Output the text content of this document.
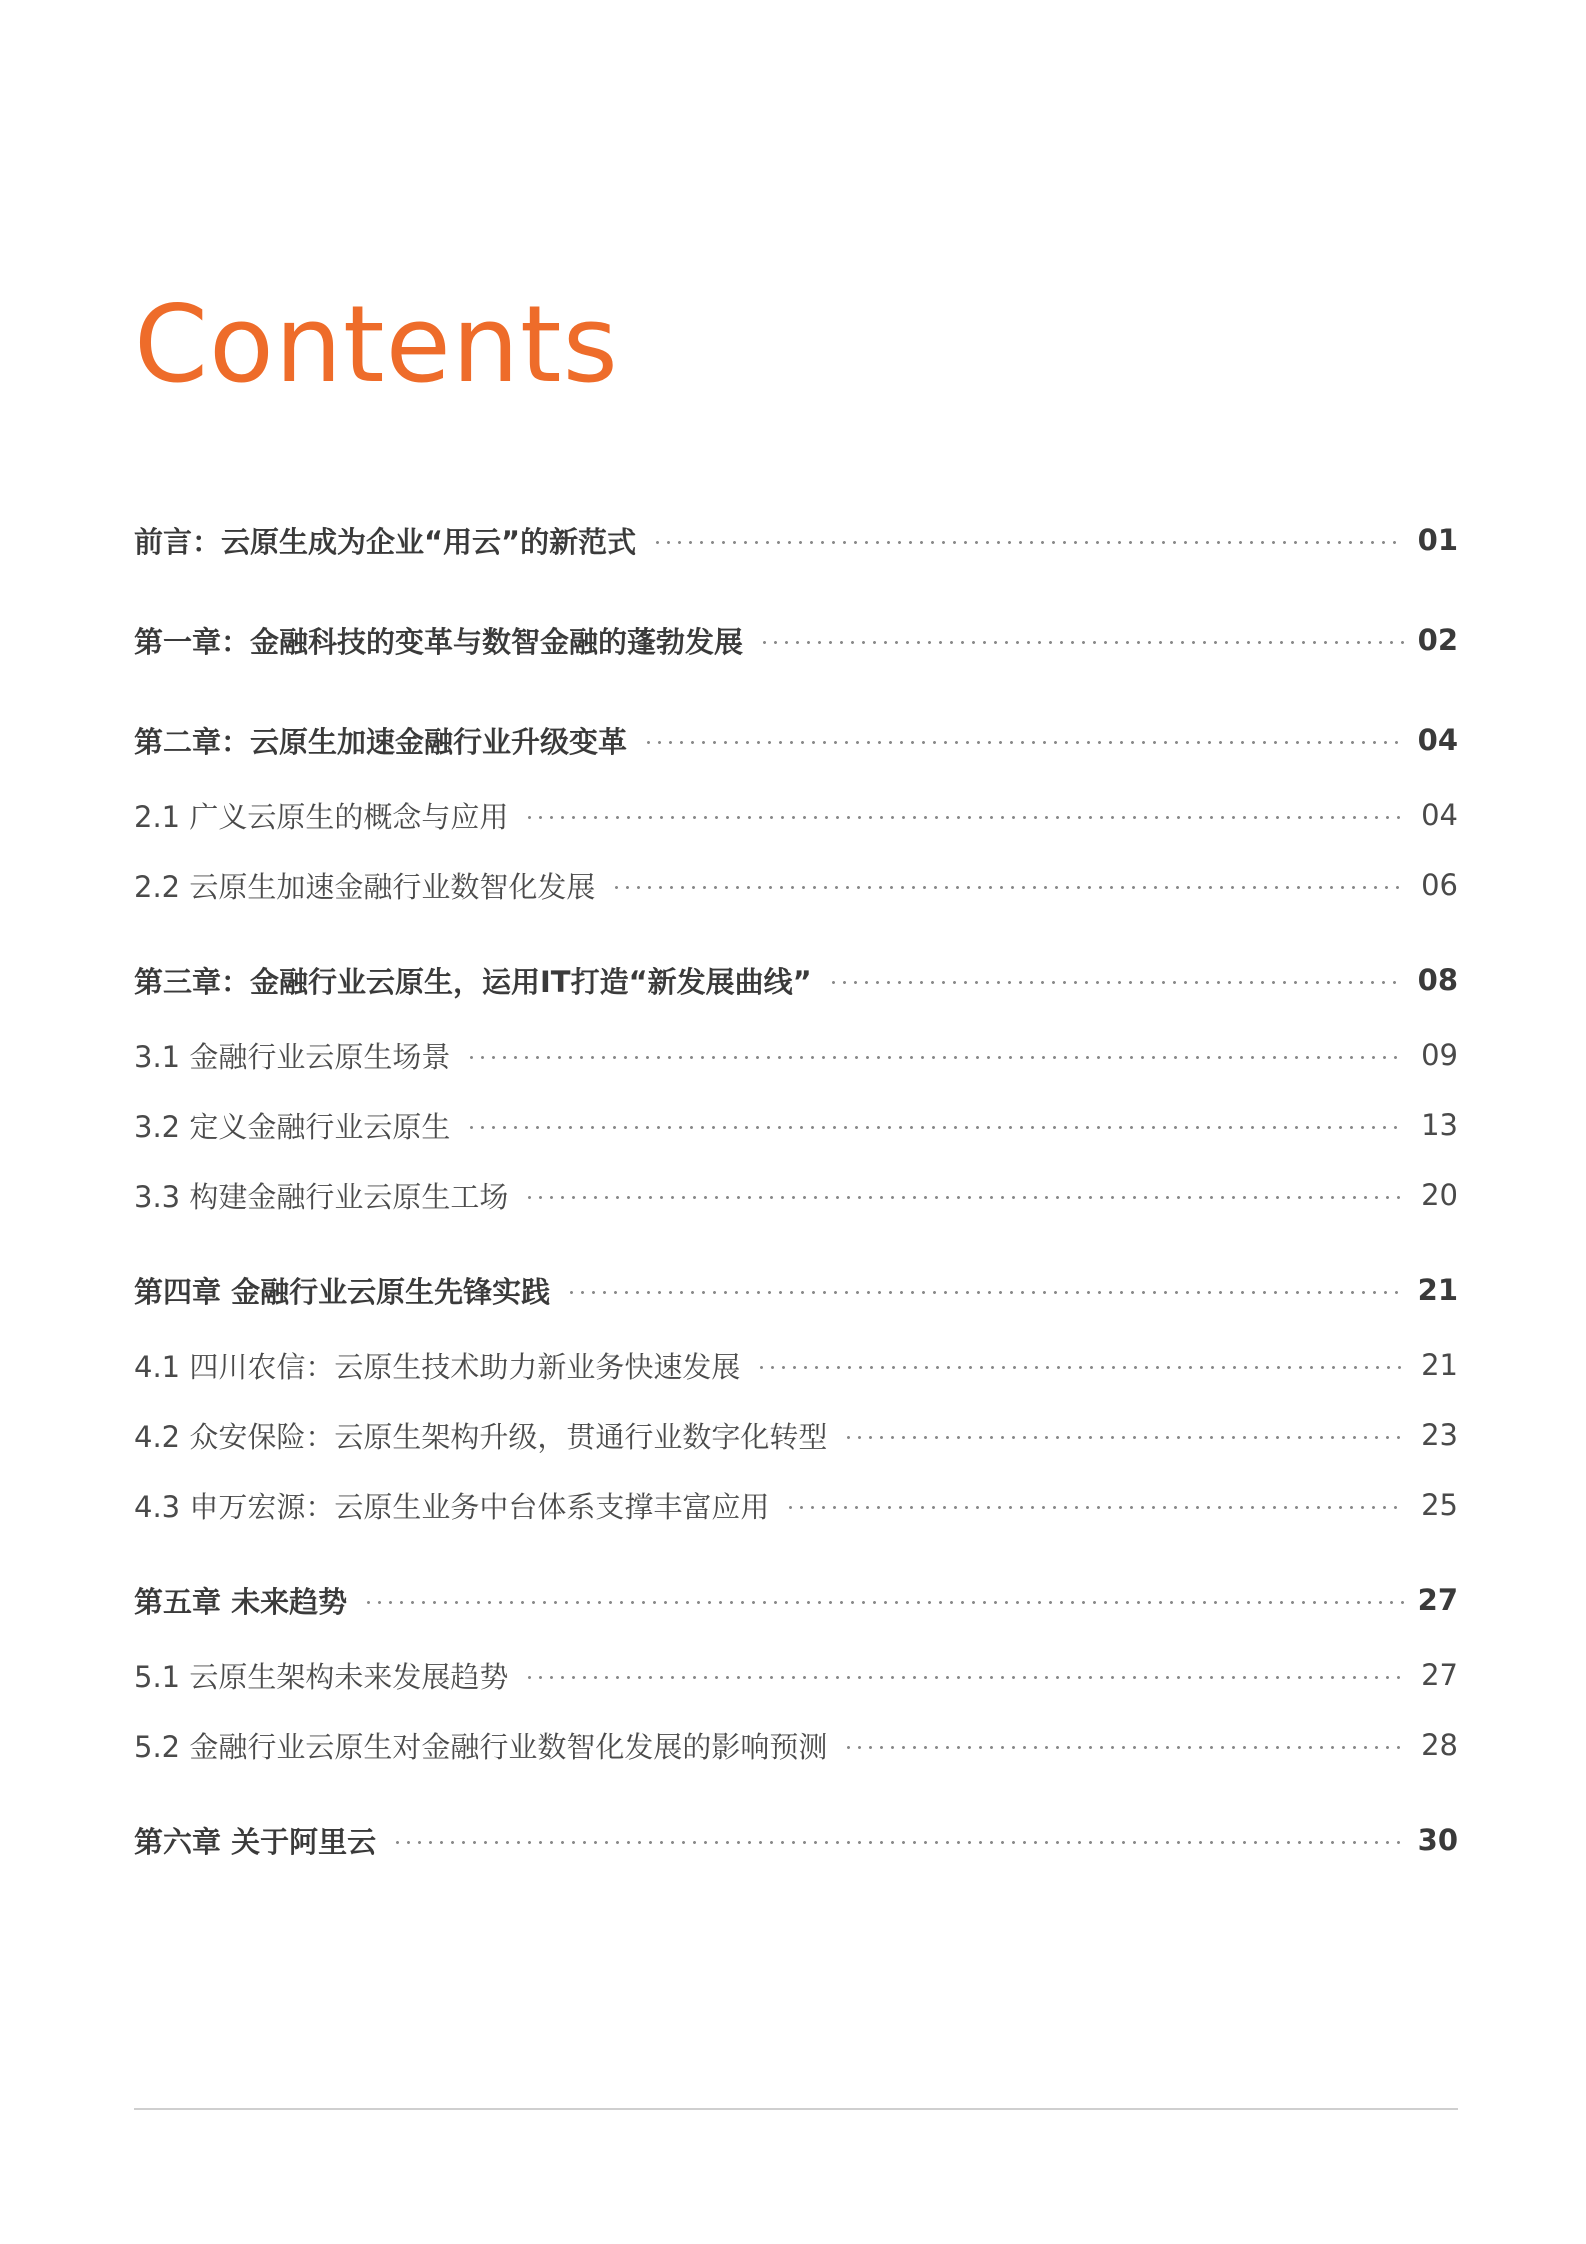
Contents
前言：云原生成为企业“用云”的新范式	01
第一章：金融科技的变革与数智金融的蓬勃发展	02
第二章：云原生加速金融行业升级变革	04
2.1 广义云原生的概念与应用	04
2.2 云原生加速金融行业数智化发展	06
第三章：金融行业云原生，运用IT打造“新发展曲线”	08
3.1 金融行业云原生场景	09
3.2 定义金融行业云原生	13
3.3 构建金融行业云原生工场	20
第四章 金融行业云原生先锋实践	21
4.1 四川农信：云原生技术助力新业务快速发展	21
4.2 众安保险：云原生架构升级，贯通行业数字化转型	23
4.3 申万宏源：云原生业务中台体系支撑丰富应用	25
第五章 未来趋势	27
5.1 云原生架构未来发展趋势	27
5.2 金融行业云原生对金融行业数智化发展的影响预测	28
第六章 关于阿里云	30
